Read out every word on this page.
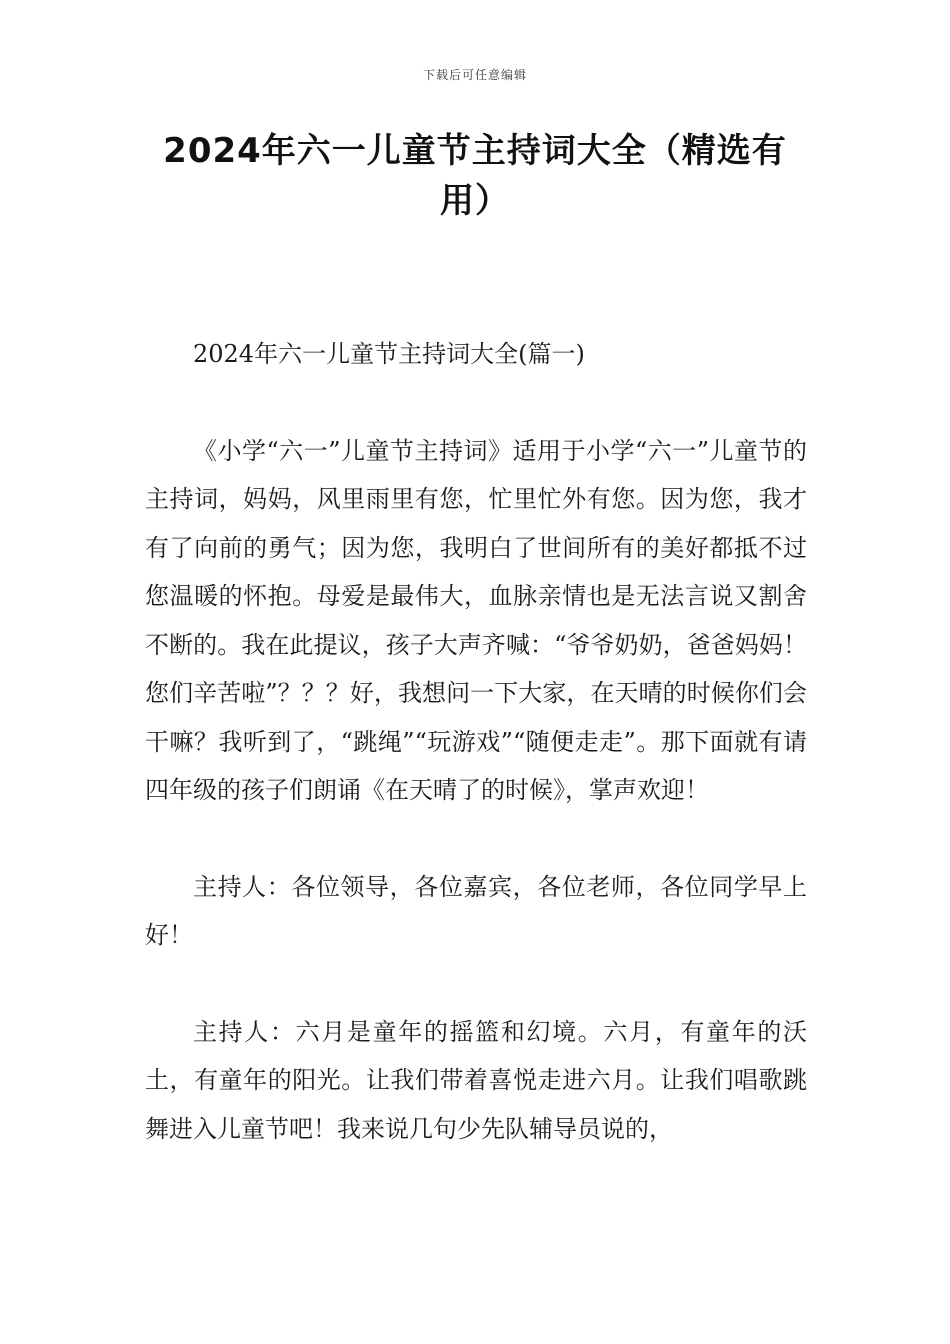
下载后可任意编辑
2024年六一儿童节主持词大全（精选有用）

2024年六一儿童节主持词大全(篇一)

《小学“六一”儿童节主持词》适用于小学“六一”儿童节的主持词，妈妈，风里雨里有您，忙里忙外有您。因为您，我才有了向前的勇气；因为您，我明白了世间所有的美好都抵不过您温暖的怀抱。母爱是最伟大，血脉亲情也是无法言说又割舍不断的。我在此提议，孩子大声齐喊：“爷爷奶奶，爸爸妈妈！您们辛苦啦”？？？好，我想问一下大家，在天晴的时候你们会干嘛？我听到了，“跳绳”“玩游戏”“随便走走”。那下面就有请四年级的孩子们朗诵《在天晴了的时候》，掌声欢迎！

主持人：各位领导，各位嘉宾，各位老师，各位同学早上好！

主持人：六月是童年的摇篮和幻境。六月，有童年的沃土，有童年的阳光。让我们带着喜悦走进六月。让我们唱歌跳舞进入儿童节吧！我来说几句少先队辅导员说的，
